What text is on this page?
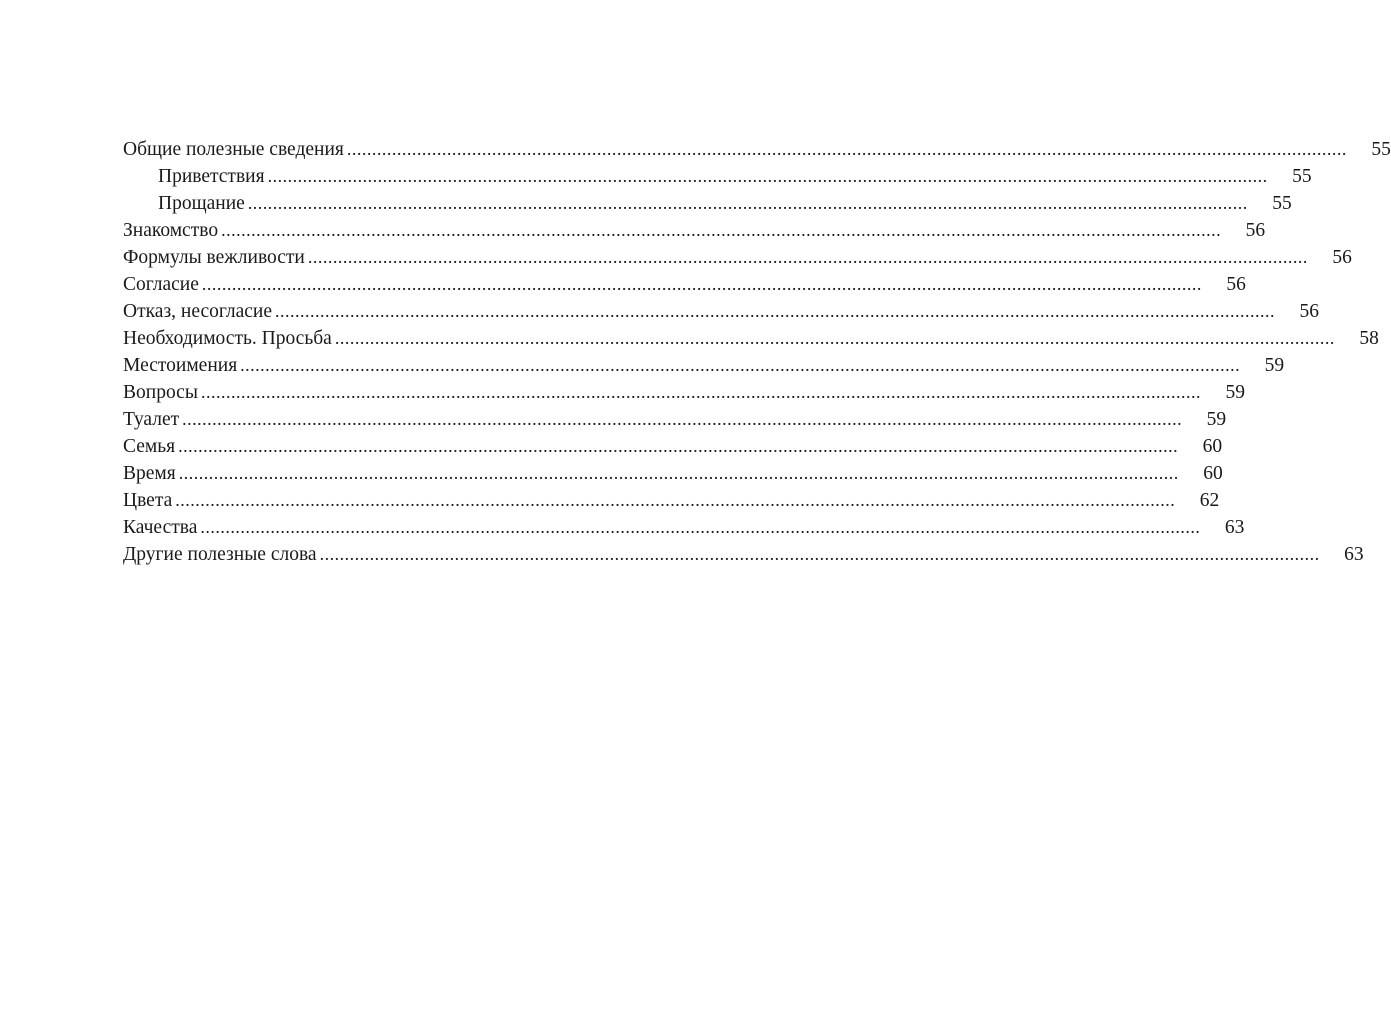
Общие полезные сведения ........................................................................................................................................................................................................	55
Приветствия ........................................................................................................................................................................................................	55
Прощание ........................................................................................................................................................................................................	55
Знакомство ........................................................................................................................................................................................................	56
Формулы вежливости ........................................................................................................................................................................................................	56
Согласие ........................................................................................................................................................................................................	56
Отказ, несогласие ........................................................................................................................................................................................................	56
Необходимость. Просьба ........................................................................................................................................................................................................	58
Местоимения ........................................................................................................................................................................................................	59
Вопросы ........................................................................................................................................................................................................	59
Туалет ........................................................................................................................................................................................................	59
Семья ........................................................................................................................................................................................................	60
Время ........................................................................................................................................................................................................	60
Цвета ........................................................................................................................................................................................................	62
Качества ........................................................................................................................................................................................................	63
Другие полезные слова ........................................................................................................................................................................................................	63
